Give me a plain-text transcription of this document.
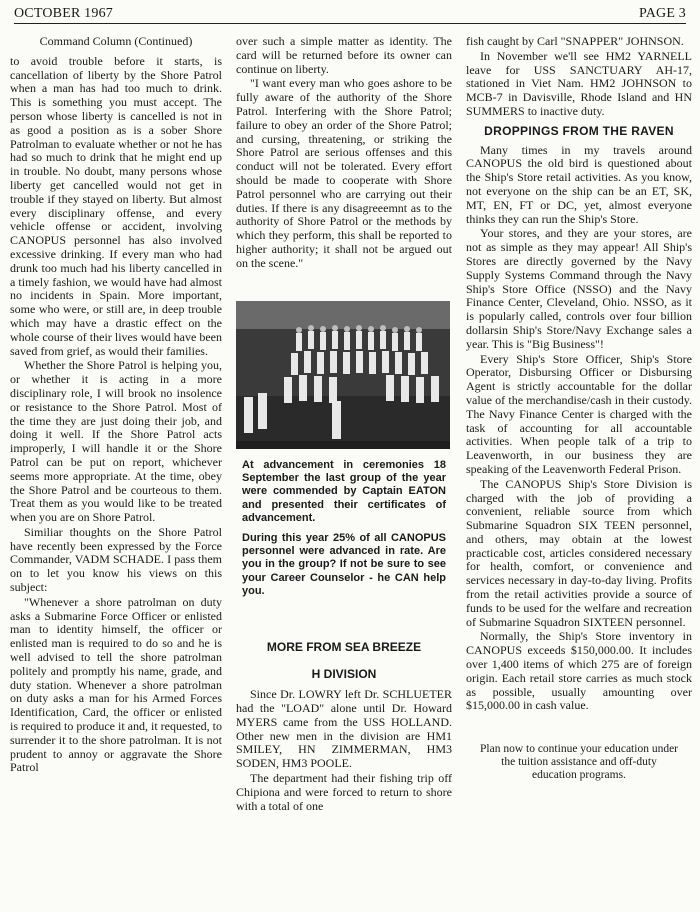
OCTOBER 1967	PAGE 3
Command Column (Continued)

to avoid trouble before it starts, is cancellation of liberty by the Shore Patrol when a man has had too much to drink. This is something you must accept. The person whose liberty is cancelled is not in as good a position as is a sober Shore Patrolman to evaluate whether or not he has had so much to drink that he might end up in trouble. No doubt, many persons whose liberty get cancelled would not get in trouble if they stayed on liberty. But almost every disciplinary offense, and every vehicle offense or accident, involving CANOPUS personnel has also involved excessive drinking. If every man who had drunk too much had his liberty cancelled in a timely fashion, we would have had almost no incidents in Spain. More important, some who were, or still are, in deep trouble which may have a drastic effect on the whole course of their lives would have been saved from grief, as would their families.

Whether the Shore Patrol is helping you, or whether it is acting in a more disciplinary role, I will brook no insolence or resistance to the Shore Patrol. Most of the time they are just doing their job, and doing it well. If the Shore Patrol acts improperly, I will handle it or the Shore Patrol can be put on report, whichever seems more appropriate. At the time, obey the Shore Patrol and be courteous to them. Treat them as you would like to be treated when you are on Shore Patrol.

Similiar thoughts on the Shore Patrol have recently been expressed by the Force Commander, VADM SCHADE. I pass them on to let you know his views on this subject:

"Whenever a shore patrolman on duty asks a Submarine Force Officer or enlisted man to identity himself, the officer or enlisted man is required to do so and he is well advised to tell the shore patrolman politely and promptly his name, grade, and duty station. Whenever a shore patrolman on duty asks a man for his Armed Forces Identification, Card, the officer or enlisted is required to produce it and, it requested, to surrender it to the shore patrolman. It is not prudent to annoy or aggravate the Shore Patrol

over such a simple matter as identity. The card will be returned before its owner can continue on liberty.

"I want every man who goes ashore to be fully aware of the authority of the Shore Patrol. Interfering with the Shore Patrol; failure to obey an order of the Shore Patrol; and cursing, threatening, or striking the Shore Patrol are serious offenses and this conduct will not be tolerated. Every effort should be made to cooperate with Shore Patrol personnel who are carrying out their duties. If there is any disagreeemnt as to the authority of Shore Patrol or the methods by which they perform, this shall be reported to higher authority; it shall not be argued out on the scene."

At advancement in ceremonies 18 September the last group of the year were commended by Captain EATON and presented their certificates of advancement.

During this year 25% of all CANOPUS personnel were advanced in rate. Are you in the group? If not be sure to see your Career Counselor - he CAN help you.

MORE FROM SEA BREEZE
H DIVISION

Since Dr. LOWRY left Dr. SCHLUETER had the "LOAD" alone until Dr. Howard MYERS came from the USS HOLLAND. Other new men in the division are HM1 SMILEY, HN ZIMMERMAN, HM3 SODEN, HM3 POOLE.

The department had their fishing trip off Chipiona and were forced to return to shore with a total of one

fish caught by Carl "SNAPPER" JOHNSON.

In November we'll see HM2 YARNELL leave for USS SANCTUARY AH-17, stationed in Viet Nam. HM2 JOHNSON to MCB-7 in Davisville, Rhode Island and HN SUMMERS to inactive duty.

DROPPINGS FROM THE RAVEN

Many times in my travels around CANOPUS the old bird is questioned about the Ship's Store retail activities. As you know, not everyone on the ship can be an ET, SK, MT, EN, FT or DC, yet, almost everyone thinks they can run the Ship's Store.

Your stores, and they are your stores, are not as simple as they may appear! All Ship's Stores are directly governed by the Navy Supply Systems Command through the Navy Ship's Store Office (NSSO) and the Navy Finance Center, Cleveland, Ohio. NSSO, as it is popularly called, controls over four billion dollarsin Ship's Store/Navy Exchange sales a year. This is "Big Business"!

Every Ship's Store Officer, Ship's Store Operator, Disbursing Officer or Disbursing Agent is strictly accountable for the dollar value of the merchandise/cash in their custody. The Navy Finance Center is charged with the task of accounting for all accountable activities. When people talk of a trip to Leavenworth, in our business they are speaking of the Leavenworth Federal Prison.

The CANOPUS Ship's Store Division is charged with the job of providing a convenient, reliable source from which Submarine Squadron SIX TEEN personnel, and others, may obtain at the lowest practicable cost, articles considered necessary for health, comfort, or convenience and services necessary in day-to-day living. Profits from the retail activities provide a source of funds to be used for the welfare and recreation of Submarine Squadron SIXTEEN personnel.

Normally, the Ship's Store inventory in CANOPUS exceeds $150,000.00. It includes over 1,400 items of which 275 are of foreign origin. Each retail store carries as much stock as possible, usually amounting over $15,000.00 in cash value.

Plan now to continue your education under the tuition assistance and off-duty education programs.
